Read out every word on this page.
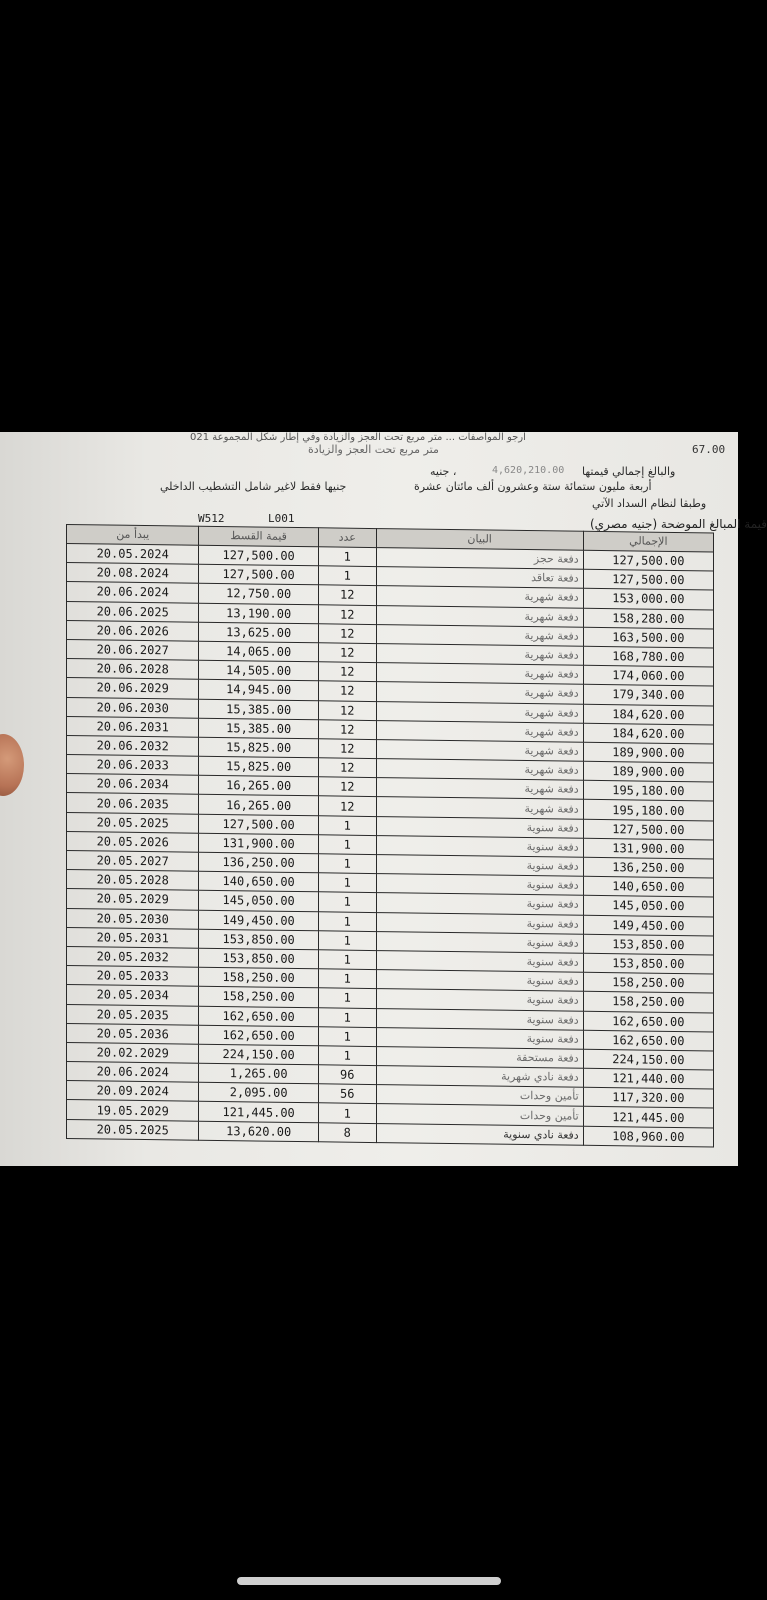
ارجو المواصفات ... متر مربع تحت العجز والزيادة وفي إطار شكل المجموعة 021
متر مربع تحت العجز والزيادة	67.00
جنيه ،	4,620,210.00 والبالغ إجمالي قيمتها
جنيها فقط لاغير شامل التشطيب الداخلي	أربعة مليون ستمائة ستة وعشرون ألف مائتان عشرة
وطبقا لنظام السداد الآتي
W512	L001	قيمة المبالغ الموضحة (جنيه مصري)
يبدأ من	قيمة القسط	عدد	البيان	الإجمالي
20.05.2024	127,500.00	1	دفعة حجز	127,500.00
20.08.2024	127,500.00	1	دفعة تعاقد	127,500.00
20.06.2024	12,750.00	12	دفعة شهرية	153,000.00
20.06.2025	13,190.00	12	دفعة شهرية	158,280.00
20.06.2026	13,625.00	12	دفعة شهرية	163,500.00
20.06.2027	14,065.00	12	دفعة شهرية	168,780.00
20.06.2028	14,505.00	12	دفعة شهرية	174,060.00
20.06.2029	14,945.00	12	دفعة شهرية	179,340.00
20.06.2030	15,385.00	12	دفعة شهرية	184,620.00
20.06.2031	15,385.00	12	دفعة شهرية	184,620.00
20.06.2032	15,825.00	12	دفعة شهرية	189,900.00
20.06.2033	15,825.00	12	دفعة شهرية	189,900.00
20.06.2034	16,265.00	12	دفعة شهرية	195,180.00
20.06.2035	16,265.00	12	دفعة شهرية	195,180.00
20.05.2025	127,500.00	1	دفعة سنوية	127,500.00
20.05.2026	131,900.00	1	دفعة سنوية	131,900.00
20.05.2027	136,250.00	1	دفعة سنوية	136,250.00
20.05.2028	140,650.00	1	دفعة سنوية	140,650.00
20.05.2029	145,050.00	1	دفعة سنوية	145,050.00
20.05.2030	149,450.00	1	دفعة سنوية	149,450.00
20.05.2031	153,850.00	1	دفعة سنوية	153,850.00
20.05.2032	153,850.00	1	دفعة سنوية	153,850.00
20.05.2033	158,250.00	1	دفعة سنوية	158,250.00
20.05.2034	158,250.00	1	دفعة سنوية	158,250.00
20.05.2035	162,650.00	1	دفعة سنوية	162,650.00
20.05.2036	162,650.00	1	دفعة سنوية	162,650.00
20.02.2029	224,150.00	1	دفعة مستحقة	224,150.00
20.06.2024	1,265.00	96	دفعة نادي شهرية	121,440.00
20.09.2024	2,095.00	56	تأمين وحدات	117,320.00
19.05.2029	121,445.00	1	تأمين وحدات	121,445.00
20.05.2025	13,620.00	8	دفعة نادي سنوية	108,960.00
